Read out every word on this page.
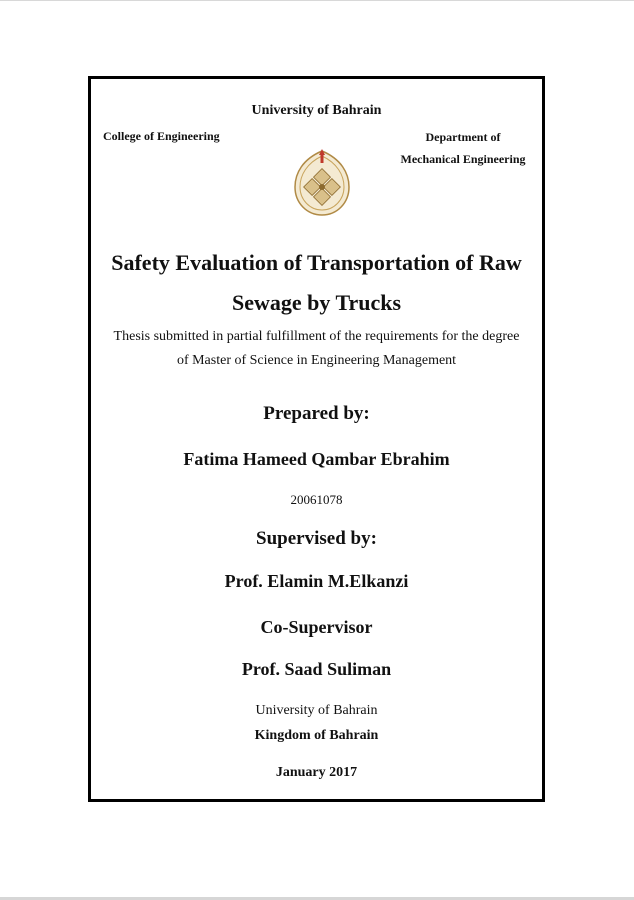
University of Bahrain
College of Engineering	Department of
Mechanical Engineering
Safety Evaluation of Transportation of Raw
Sewage by Trucks
Thesis submitted in partial fulfillment of the requirements for the degree
of Master of Science in Engineering Management
Prepared by:
Fatima Hameed Qambar Ebrahim
20061078
Supervised by:
Prof. Elamin M.Elkanzi
Co-Supervisor
Prof. Saad Suliman
University of Bahrain
Kingdom of Bahrain
January 2017
